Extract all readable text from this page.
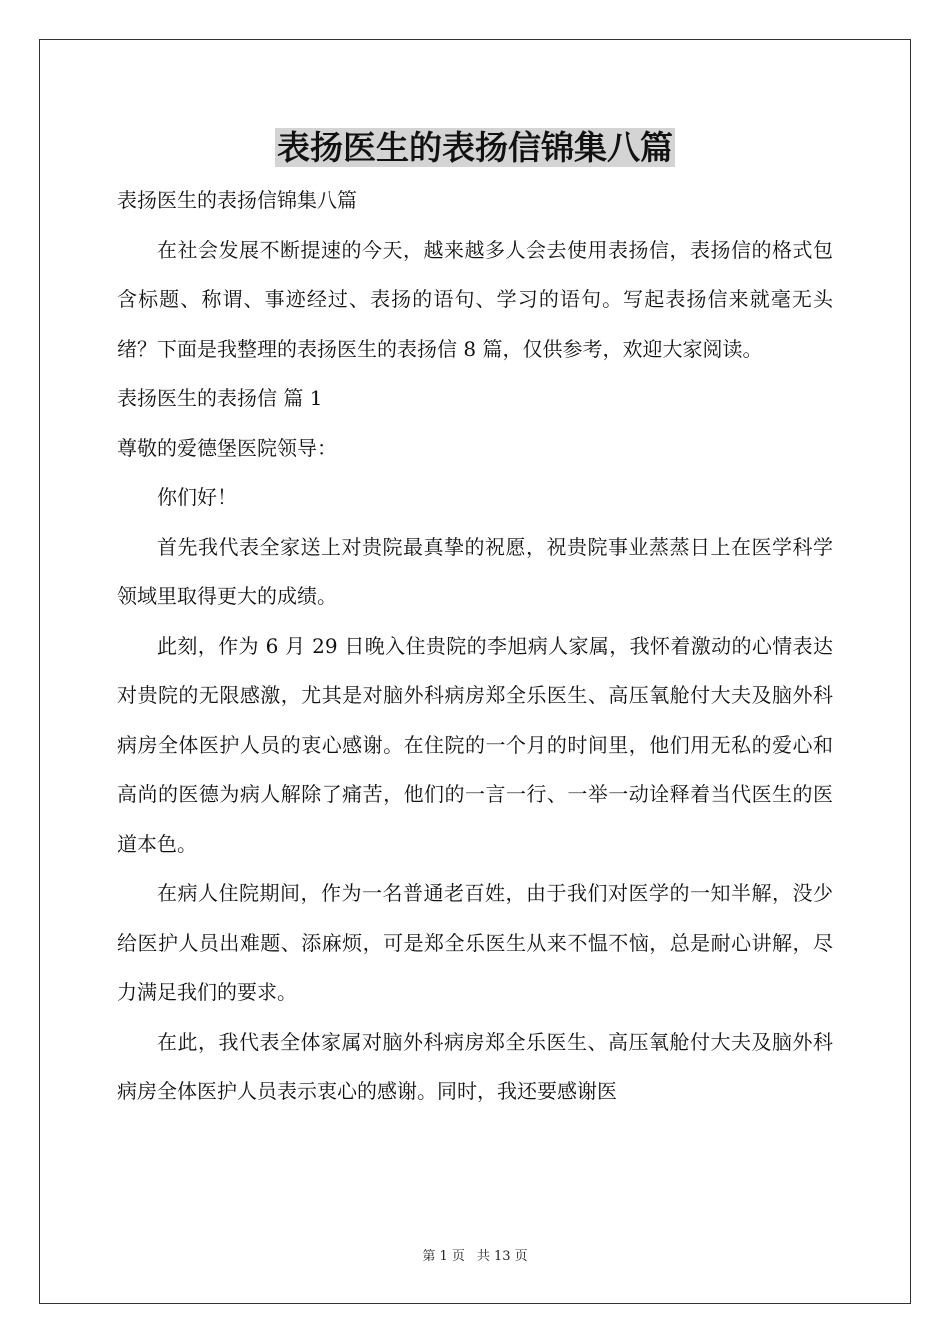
表扬医生的表扬信锦集八篇

表扬医生的表扬信锦集八篇

在社会发展不断提速的今天，越来越多人会去使用表扬信，表扬信的格式包含标题、称谓、事迹经过、表扬的语句、学习的语句。写起表扬信来就毫无头绪？下面是我整理的表扬医生的表扬信 8 篇，仅供参考，欢迎大家阅读。

表扬医生的表扬信 篇 1

尊敬的爱德堡医院领导：

你们好！

首先我代表全家送上对贵院最真挚的祝愿，祝贵院事业蒸蒸日上在医学科学领域里取得更大的成绩。

此刻，作为 6 月 29 日晚入住贵院的李旭病人家属，我怀着激动的心情表达对贵院的无限感激，尤其是对脑外科病房郑全乐医生、高压氧舱付大夫及脑外科病房全体医护人员的衷心感谢。在住院的一个月的时间里，他们用无私的爱心和高尚的医德为病人解除了痛苦，他们的一言一行、一举一动诠释着当代医生的医道本色。

在病人住院期间，作为一名普通老百姓，由于我们对医学的一知半解，没少给医护人员出难题、添麻烦，可是郑全乐医生从来不愠不恼，总是耐心讲解，尽力满足我们的要求。

在此，我代表全体家属对脑外科病房郑全乐医生、高压氧舱付大夫及脑外科病房全体医护人员表示衷心的感谢。同时，我还要感谢医

第 1 页 共 13 页
